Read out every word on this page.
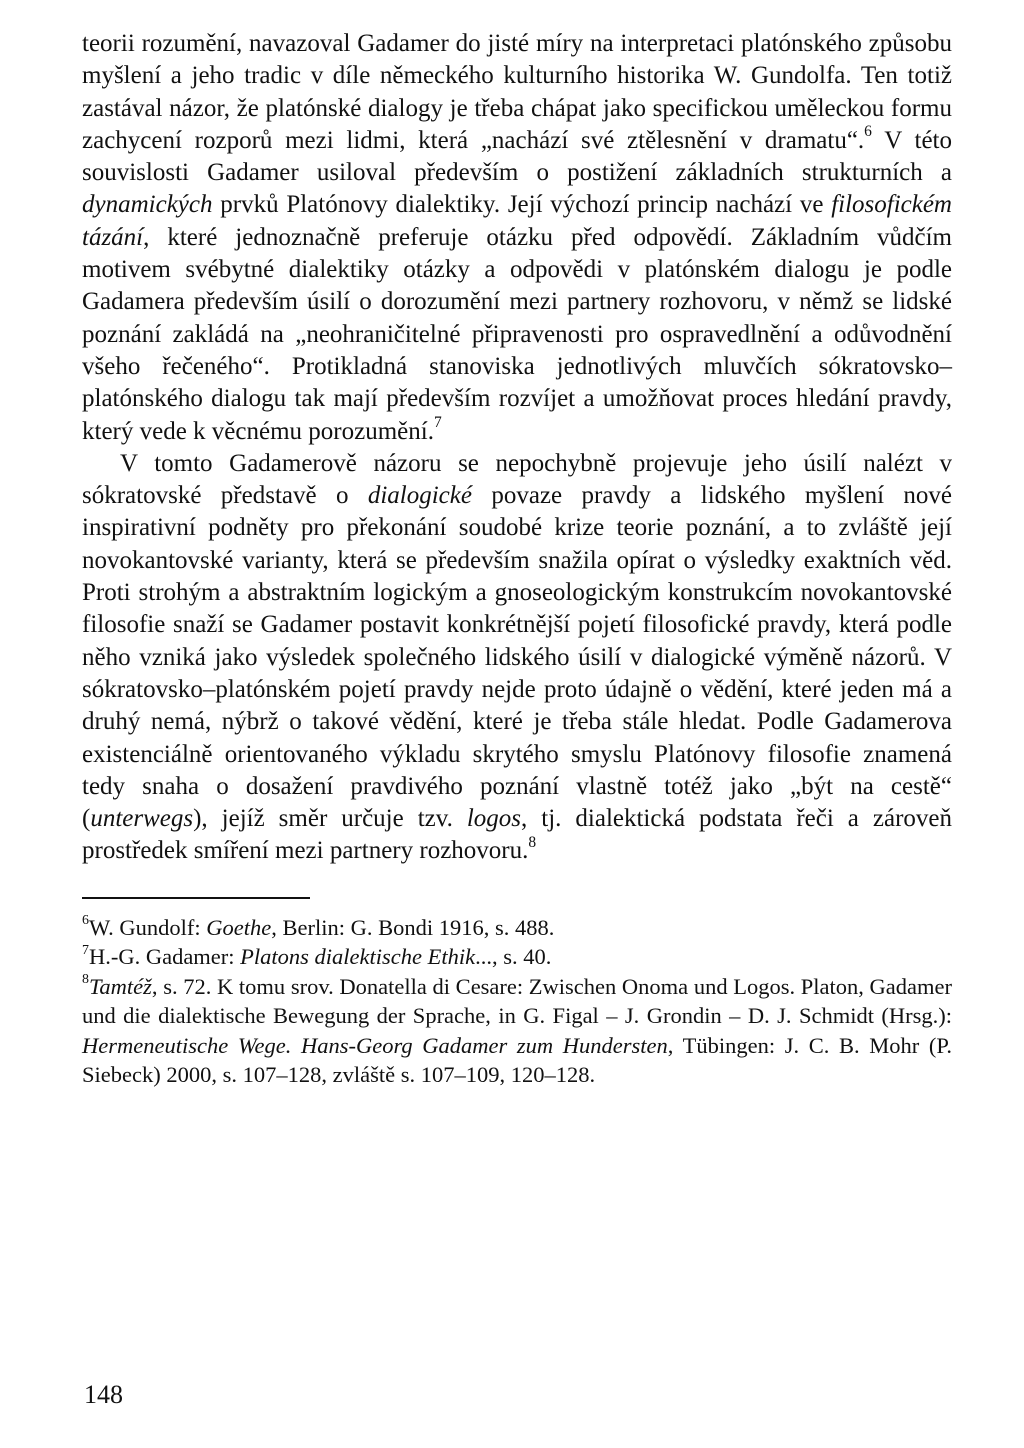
teorii rozumění, navazoval Gadamer do jisté míry na interpretaci platónského způsobu myšlení a jeho tradic v díle německého kulturního historika W. Gundolfa. Ten totiž zastával názor, že platónské dialogy je třeba chápat jako specifickou uměleckou formu zachycení rozporů mezi lidmi, která „nachází své ztělesnění v dramatu“.$^6$ V této souvislosti Gadamer usiloval především o postižení základních strukturních a dynamických prvků Platónovy dialektiky. Její výchozí princip nachází ve filosofickém tázání, které jednoznačně preferuje otázku před odpovědí. Základním vůdčím motivem svébytné dialektiky otázky a odpovědi v platónském dialogu je podle Gadamera především úsilí o dorozumění mezi partnery rozhovoru, v němž se lidské poznání zakládá na „neohraničitelné připravenosti pro ospravedlnění a odůvodnění všeho řečeného“. Protikladná stanoviska jednotlivých mluvčích sókratovsko–platónského dialogu tak mají především rozvíjet a umožňovat proces hledání pravdy, který vede k věcnému porozumění.$^7$

V tomto Gadamerově názoru se nepochybně projevuje jeho úsilí nalézt v sókratovské představě o dialogické povaze pravdy a lidského myšlení nové inspirativní podněty pro překonání soudobé krize teorie poznání, a to zvláště její novokantovské varianty, která se především snažila opírat o výsledky exaktních věd. Proti strohým a abstraktním logickým a gnoseologickým konstrukcím novokantovské filosofie snaží se Gadamer postavit konkrétnější pojetí filosofické pravdy, která podle něho vzniká jako výsledek společného lidského úsilí v dialogické výměně názorů. V sókratovsko–platónském pojetí pravdy nejde proto údajně o vědění, které jeden má a druhý nemá, nýbrž o takové vědění, které je třeba stále hledat. Podle Gadamerova existenciálně orientovaného výkladu skrytého smyslu Platónovy filosofie znamená tedy snaha o dosažení pravdivého poznání vlastně totéž jako „být na cestě“ (unterwegs), jejíž směr určuje tzv. logos, tj. dialektická podstata řeči a zároveň prostředek smíření mezi partnery rozhovoru.$^8$

$^6$W. Gundolf: Goethe, Berlin: G. Bondi 1916, s. 488.

$^7$H.-G. Gadamer: Platons dialektische Ethik..., s. 40.

$^8$Tamtéž, s. 72. K tomu srov. Donatella di Cesare: Zwischen Onoma und Logos. Platon, Gadamer und die dialektische Bewegung der Sprache, in G. Figal – J. Grondin – D. J. Schmidt (Hrsg.): Hermeneutische Wege. Hans-Georg Gadamer zum Hundersten, Tübingen: J. C. B. Mohr (P. Siebeck) 2000, s. 107–128, zvláště s. 107–109, 120–128.

148
